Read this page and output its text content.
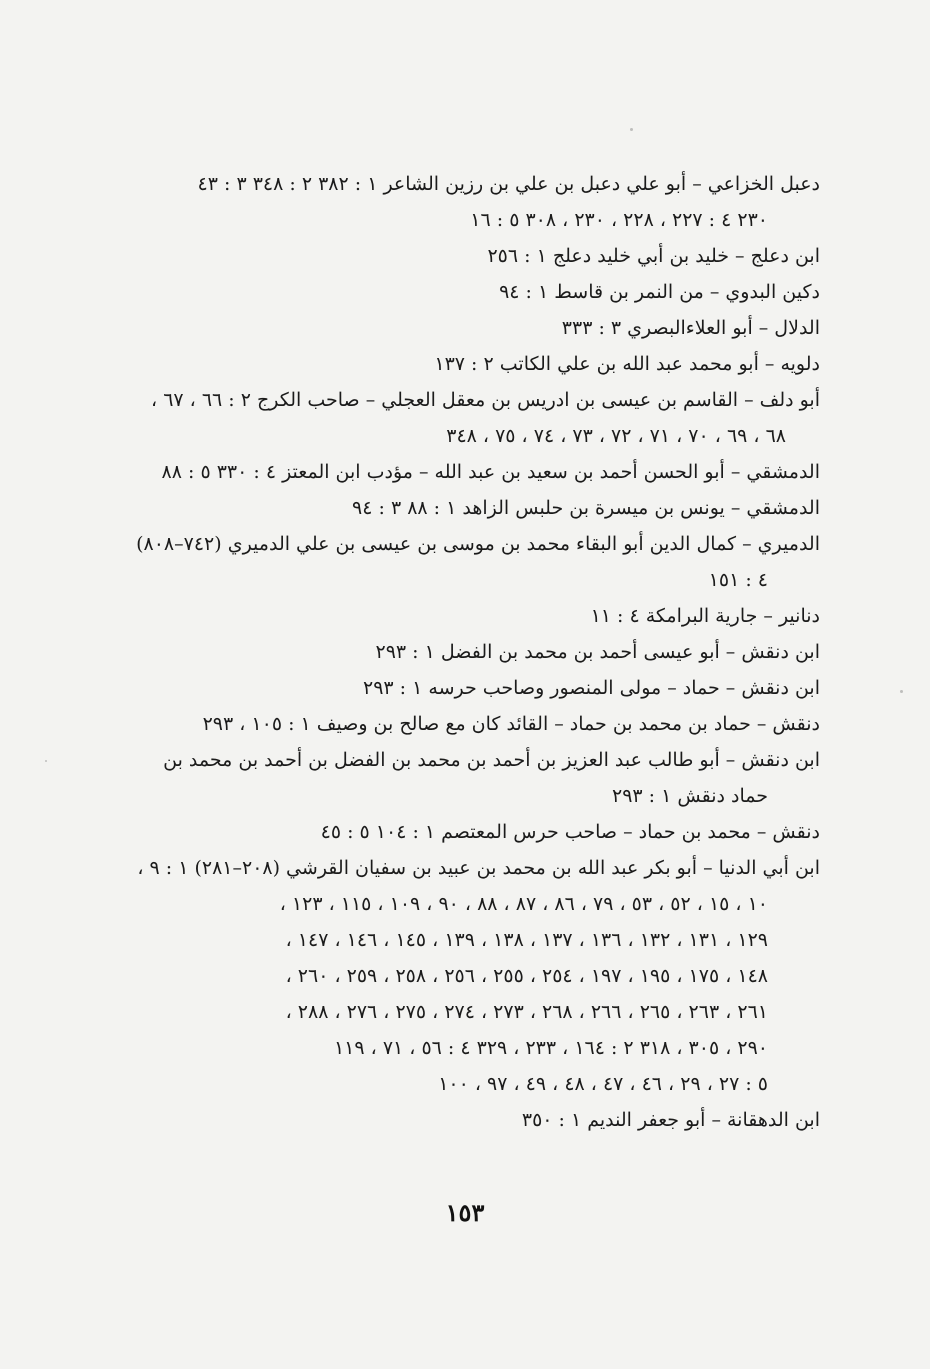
دعبل الخزاعي – أبو علي دعبل بن علي بن رزين الشاعر ١ : ٣٨٢ ٢ : ٣٤٨ ٣ : ٤٣
٢٣٠ ٤ : ٢٢٧ ، ٢٢٨ ، ٢٣٠ ، ٣٠٨ ٥ : ١٦
ابن دعلج – خليد بن أبي خليد دعلج ١ : ٢٥٦
دكين البدوي – من النمر بن قاسط ١ : ٩٤
الدلال – أبو العلاءالبصري ٣ : ٣٣٣
دلويه – أبو محمد عبد الله بن علي الكاتب ٢ : ١٣٧
أبو دلف – القاسم بن عيسى بن ادريس بن معقل العجلي – صاحب الكرج ٢ : ٦٦ ، ٦٧ ،
٦٨ ، ٦٩ ، ٧٠ ، ٧١ ، ٧٢ ، ٧٣ ، ٧٤ ، ٧٥ ، ٣٤٨
الدمشقي – أبو الحسن أحمد بن سعيد بن عبد الله – مؤدب ابن المعتز ٤ : ٣٣٠ ٥ : ٨٨
الدمشقي – يونس بن ميسرة بن حلبس الزاهد ١ : ٨٨ ٣ : ٩٤
الدميري – كمال الدين أبو البقاء محمد بن موسى بن عيسى بن علي الدميري (٧٤٢–٨٠٨)
٤ : ١٥١
دنانير – جارية البرامكة ٤ : ١١
ابن دنقش – أبو عيسى أحمد بن محمد بن الفضل ١ : ٢٩٣
ابن دنقش – حماد – مولى المنصور وصاحب حرسه ١ : ٢٩٣
دنقش – حماد بن محمد بن حماد – القائد كان مع صالح بن وصيف ١ : ١٠٥ ، ٢٩٣
ابن دنقش – أبو طالب عبد العزيز بن أحمد بن محمد بن الفضل بن أحمد بن محمد بن
حماد دنقش ١ : ٢٩٣
دنقش – محمد بن حماد – صاحب حرس المعتصم ١ : ١٠٤ ٥ : ٤٥
ابن أبي الدنيا – أبو بكر عبد الله بن محمد بن عبيد بن سفيان القرشي (٢٠٨–٢٨١) ١ : ٩ ،
١٠ ، ١٥ ، ٥٢ ، ٥٣ ، ٧٩ ، ٨٦ ، ٨٧ ، ٨٨ ، ٩٠ ، ١٠٩ ، ١١٥ ، ١٢٣ ،
١٢٩ ، ١٣١ ، ١٣٢ ، ١٣٦ ، ١٣٧ ، ١٣٨ ، ١٣٩ ، ١٤٥ ، ١٤٦ ، ١٤٧ ،
١٤٨ ، ١٧٥ ، ١٩٥ ، ١٩٧ ، ٢٥٤ ، ٢٥٥ ، ٢٥٦ ، ٢٥٨ ، ٢٥٩ ، ٢٦٠ ،
٢٦١ ، ٢٦٣ ، ٢٦٥ ، ٢٦٦ ، ٢٦٨ ، ٢٧٣ ، ٢٧٤ ، ٢٧٥ ، ٢٧٦ ، ٢٨٨ ،
٢٩٠ ، ٣٠٥ ، ٣١٨ ٢ : ١٦٤ ، ٢٣٣ ، ٣٢٩ ٤ : ٥٦ ، ٧١ ، ١١٩
٥ : ٢٧ ، ٢٩ ، ٤٦ ، ٤٧ ، ٤٨ ، ٤٩ ، ٩٧ ، ١٠٠
ابن الدهقانة – أبو جعفر النديم ١ : ٣٥٠
١٥٣
